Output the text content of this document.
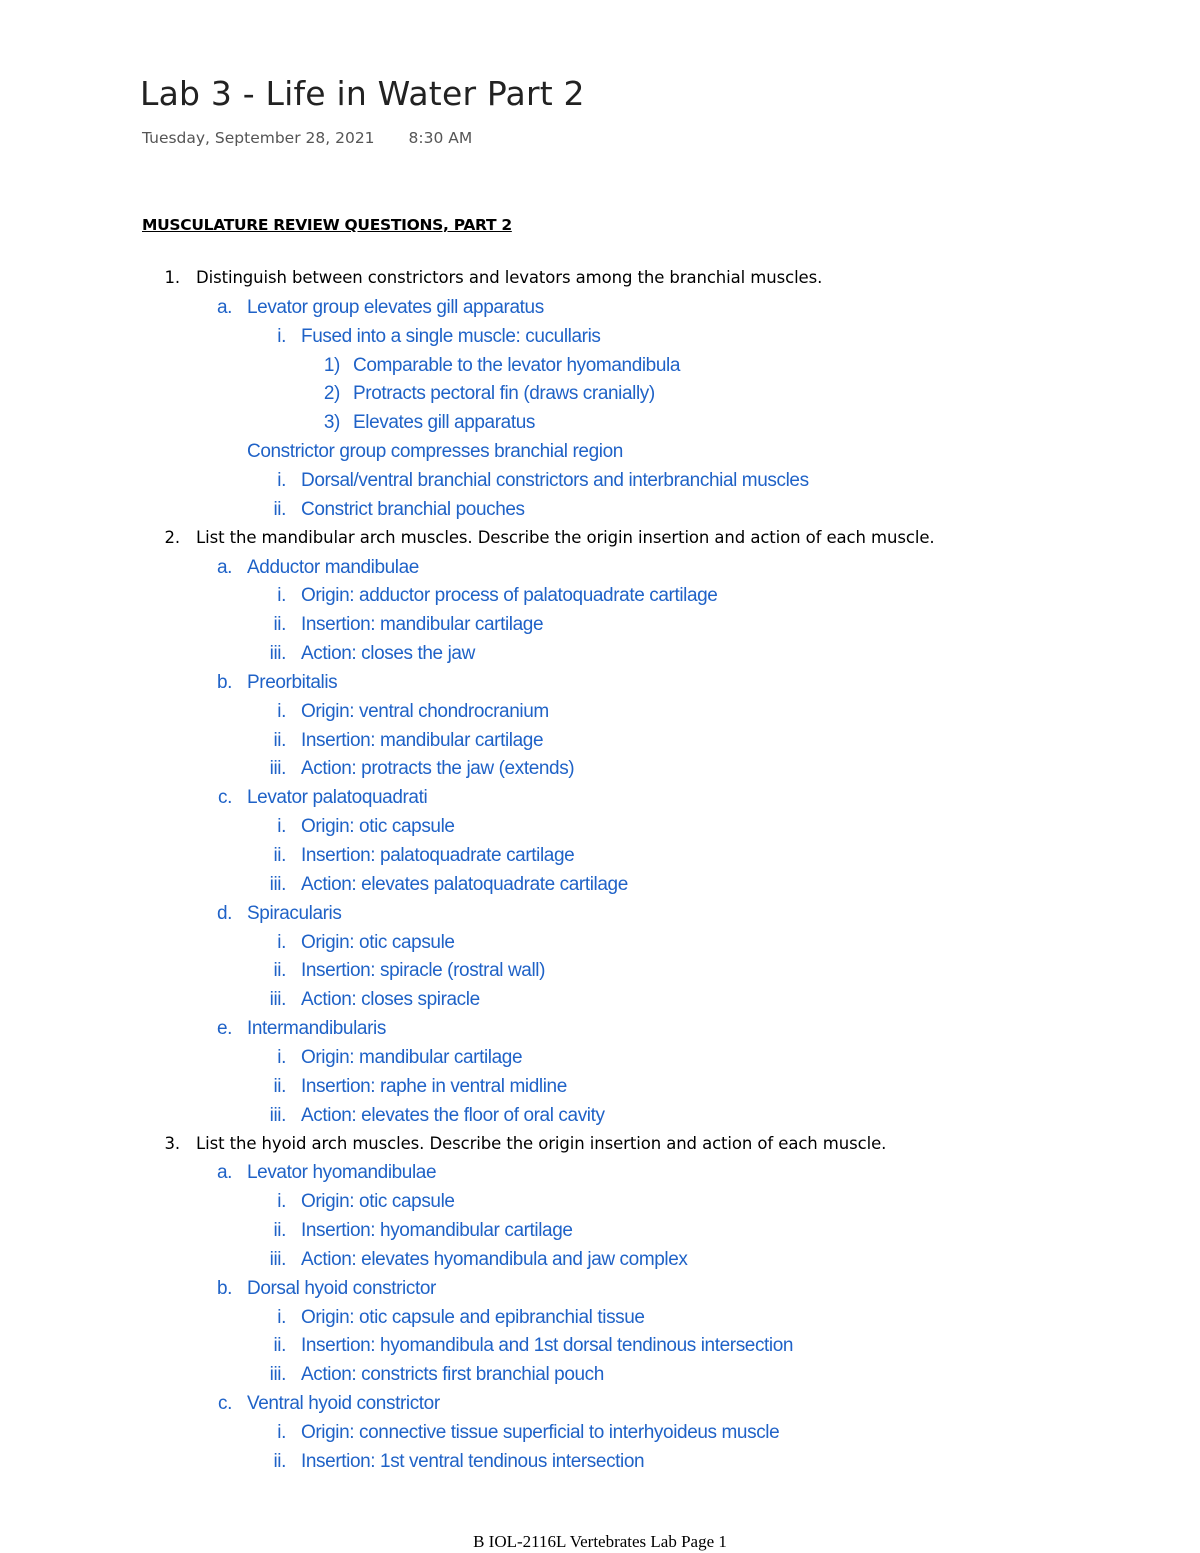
Lab 3 - Life in Water Part 2
Tuesday, September 28, 2021 8:30 AM
MUSCULATURE REVIEW QUESTIONS, PART 2
1. Distinguish between constrictors and levators among the branchial muscles.
a. Levator group elevates gill apparatus
i. Fused into a single muscle: cucullaris
1) Comparable to the levator hyomandibula
2) Protracts pectoral fin (draws cranially)
3) Elevates gill apparatus
Constrictor group compresses branchial region
i. Dorsal/ventral branchial constrictors and interbranchial muscles
ii. Constrict branchial pouches
2. List the mandibular arch muscles. Describe the origin insertion and action of each muscle.
a. Adductor mandibulae
i. Origin: adductor process of palatoquadrate cartilage
ii. Insertion: mandibular cartilage
iii. Action: closes the jaw
b. Preorbitalis
i. Origin: ventral chondrocranium
ii. Insertion: mandibular cartilage
iii. Action: protracts the jaw (extends)
c. Levator palatoquadrati
i. Origin: otic capsule
ii. Insertion: palatoquadrate cartilage
iii. Action: elevates palatoquadrate cartilage
d. Spiracularis
i. Origin: otic capsule
ii. Insertion: spiracle (rostral wall)
iii. Action: closes spiracle
e. Intermandibularis
i. Origin: mandibular cartilage
ii. Insertion: raphe in ventral midline
iii. Action: elevates the floor of oral cavity
3. List the hyoid arch muscles. Describe the origin insertion and action of each muscle.
a. Levator hyomandibulae
i. Origin: otic capsule
ii. Insertion: hyomandibular cartilage
iii. Action: elevates hyomandibula and jaw complex
b. Dorsal hyoid constrictor
i. Origin: otic capsule and epibranchial tissue
ii. Insertion: hyomandibula and 1st dorsal tendinous intersection
iii. Action: constricts first branchial pouch
c. Ventral hyoid constrictor
i. Origin: connective tissue superficial to interhyoideus muscle
ii. Insertion: 1st ventral tendinous intersection
B IOL-2116L Vertebrates Lab Page 1
